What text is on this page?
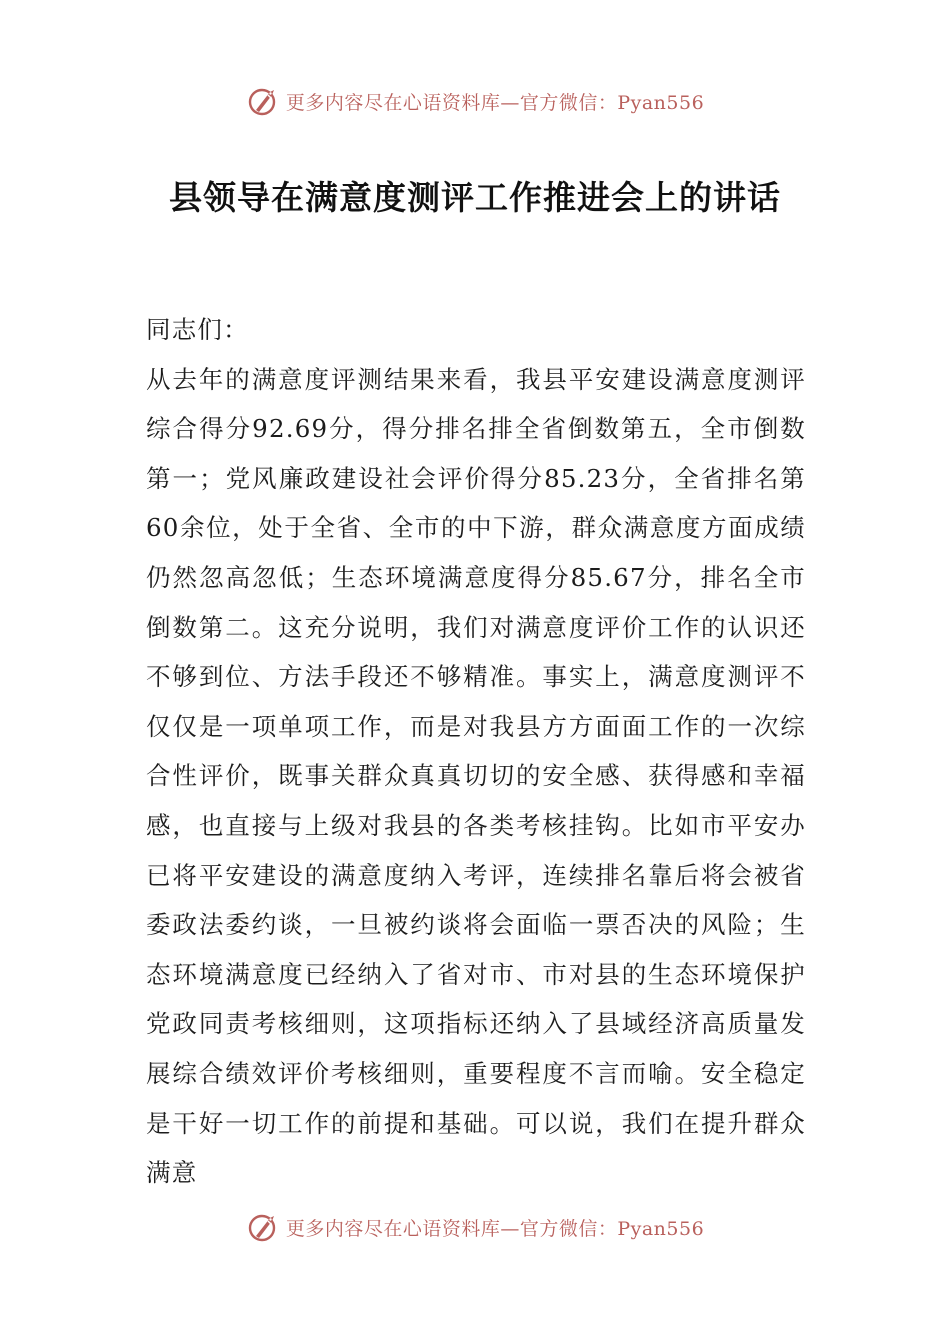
更多内容尽在心语资料库—官方微信：Pyan556
县领导在满意度测评工作推进会上的讲话

同志们：

从去年的满意度评测结果来看，我县平安建设满意度测评综合得分92.69分，得分排名排全省倒数第五，全市倒数第一；党风廉政建设社会评价得分85.23分，全省排名第60余位，处于全省、全市的中下游，群众满意度方面成绩仍然忽高忽低；生态环境满意度得分85.67分，排名全市倒数第二。这充分说明，我们对满意度评价工作的认识还不够到位、方法手段还不够精准。事实上，满意度测评不仅仅是一项单项工作，而是对我县方方面面工作的一次综合性评价，既事关群众真真切切的安全感、获得感和幸福感，也直接与上级对我县的各类考核挂钩。比如市平安办已将平安建设的满意度纳入考评，连续排名靠后将会被省委政法委约谈，一旦被约谈将会面临一票否决的风险；生态环境满意度已经纳入了省对市、市对县的生态环境保护党政同责考核细则，这项指标还纳入了县域经济高质量发展综合绩效评价考核细则，重要程度不言而喻。安全稳定是干好一切工作的前提和基础。可以说，我们在提升群众满意

更多内容尽在心语资料库—官方微信：Pyan556
